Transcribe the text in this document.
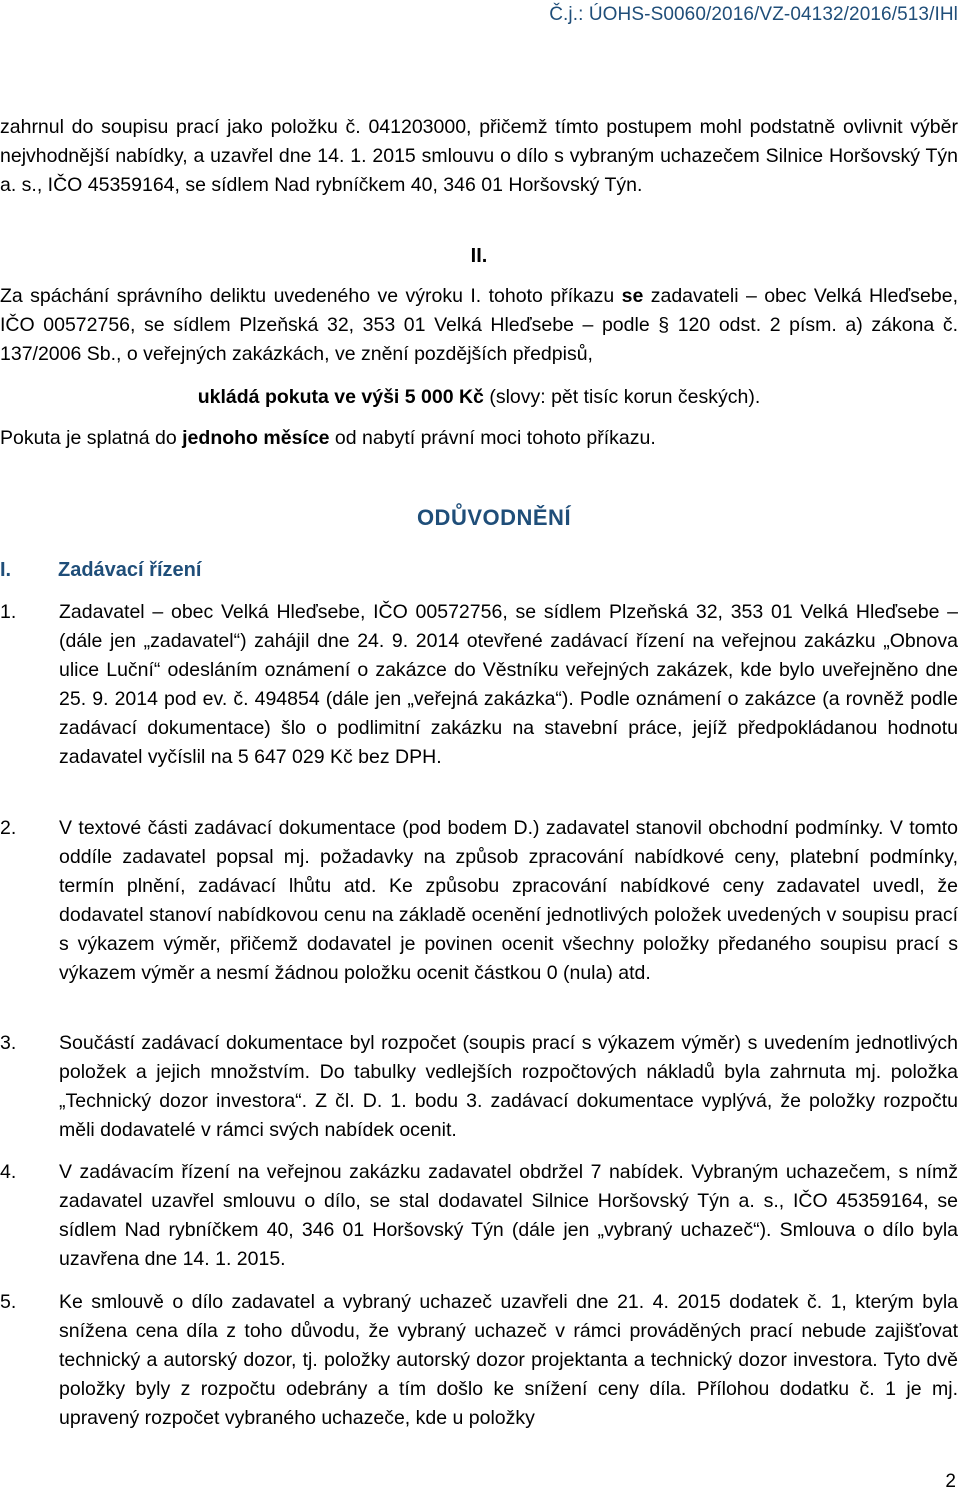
Č.j.: ÚOHS-S0060/2016/VZ-04132/2016/513/IHl
zahrnul do soupisu prací jako položku č. 041203000, přičemž tímto postupem mohl podstatně ovlivnit výběr nejvhodnější nabídky, a uzavřel dne 14. 1. 2015 smlouvu o dílo s vybraným uchazečem Silnice Horšovský Týn a. s., IČO 45359164, se sídlem Nad rybníčkem 40, 346 01 Horšovský Týn.
II.
Za spáchání správního deliktu uvedeného ve výroku I. tohoto příkazu se zadavateli – obec Velká Hleďsebe, IČO 00572756, se sídlem Plzeňská 32, 353 01 Velká Hleďsebe – podle § 120 odst. 2 písm. a) zákona č. 137/2006 Sb., o veřejných zakázkách, ve znění pozdějších předpisů,
ukládá pokuta ve výši 5 000 Kč (slovy: pět tisíc korun českých).
Pokuta je splatná do jednoho měsíce od nabytí právní moci tohoto příkazu.
ODŮVODNĚNÍ
I. Zadávací řízení
1. Zadavatel – obec Velká Hleďsebe, IČO 00572756, se sídlem Plzeňská 32, 353 01 Velká Hleďsebe – (dále jen „zadavatel“) zahájil dne 24. 9. 2014 otevřené zadávací řízení na veřejnou zakázku „Obnova ulice Luční“ odesláním oznámení o zakázce do Věstníku veřejných zakázek, kde bylo uveřejněno dne 25. 9. 2014 pod ev. č. 494854 (dále jen „veřejná zakázka“). Podle oznámení o zakázce (a rovněž podle zadávací dokumentace) šlo o podlimitní zakázku na stavební práce, jejíž předpokládanou hodnotu zadavatel vyčíslil na 5 647 029 Kč bez DPH.
2. V textové části zadávací dokumentace (pod bodem D.) zadavatel stanovil obchodní podmínky. V tomto oddíle zadavatel popsal mj. požadavky na způsob zpracování nabídkové ceny, platební podmínky, termín plnění, zadávací lhůtu atd. Ke způsobu zpracování nabídkové ceny zadavatel uvedl, že dodavatel stanoví nabídkovou cenu na základě ocenění jednotlivých položek uvedených v soupisu prací s výkazem výměr, přičemž dodavatel je povinen ocenit všechny položky předaného soupisu prací s výkazem výměr a nesmí žádnou položku ocenit částkou 0 (nula) atd.
3. Součástí zadávací dokumentace byl rozpočet (soupis prací s výkazem výměr) s uvedením jednotlivých položek a jejich množstvím. Do tabulky vedlejších rozpočtových nákladů byla zahrnuta mj. položka „Technický dozor investora“. Z čl. D. 1. bodu 3. zadávací dokumentace vyplývá, že položky rozpočtu měli dodavatelé v rámci svých nabídek ocenit.
4. V zadávacím řízení na veřejnou zakázku zadavatel obdržel 7 nabídek. Vybraným uchazečem, s nímž zadavatel uzavřel smlouvu o dílo, se stal dodavatel Silnice Horšovský Týn a. s., IČO 45359164, se sídlem Nad rybníčkem 40, 346 01 Horšovský Týn (dále jen „vybraný uchazeč“). Smlouva o dílo byla uzavřena dne 14. 1. 2015.
5. Ke smlouvě o dílo zadavatel a vybraný uchazeč uzavřeli dne 21. 4. 2015 dodatek č. 1, kterým byla snížena cena díla z toho důvodu, že vybraný uchazeč v rámci prováděných prací nebude zajišťovat technický a autorský dozor, tj. položky autorský dozor projektanta a technický dozor investora. Tyto dvě položky byly z rozpočtu odebrány a tím došlo ke snížení ceny díla. Přílohou dodatku č. 1 je mj. upravený rozpočet vybraného uchazeče, kde u položky
2
